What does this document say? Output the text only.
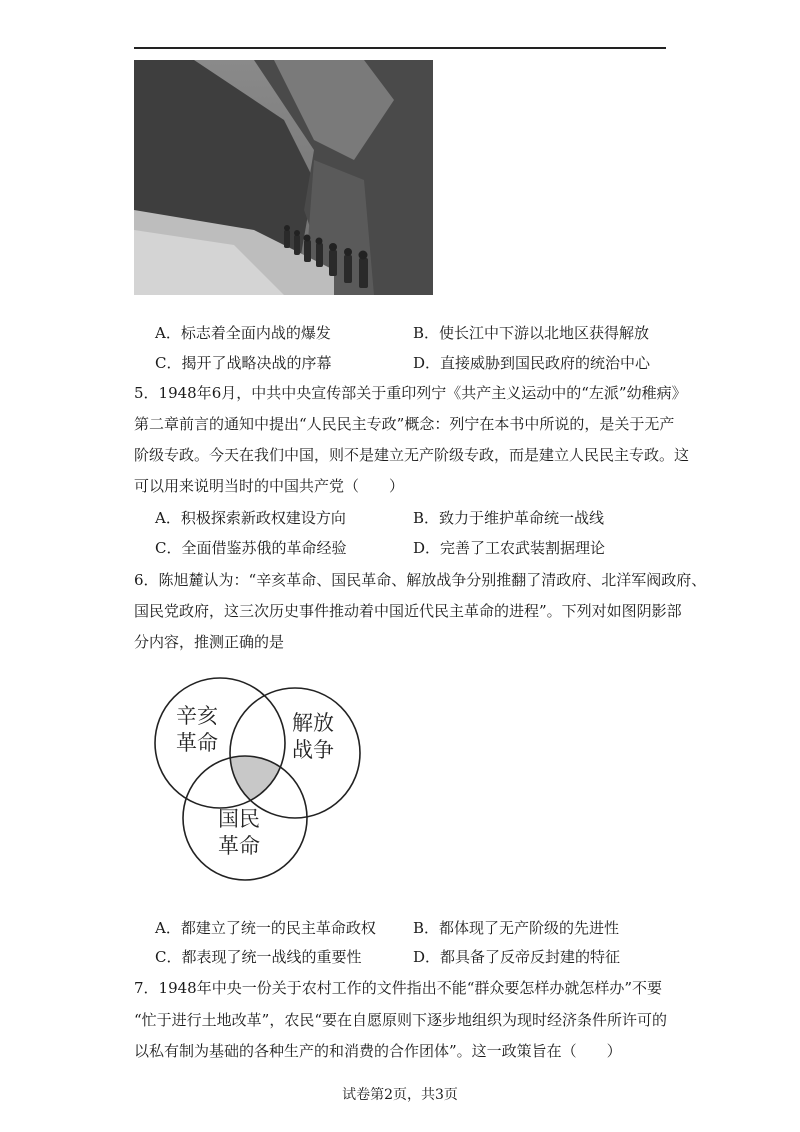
A．标志着全面内战的爆发	B．使长江中下游以北地区获得解放
C．揭开了战略决战的序幕	D．直接威胁到国民政府的统治中心
5．1948年6月，中共中央宣传部关于重印列宁《共产主义运动中的“左派”幼稚病》
第二章前言的通知中提出“人民民主专政”概念：列宁在本书中所说的，是关于无产
阶级专政。今天在我们中国，则不是建立无产阶级专政，而是建立人民民主专政。这
可以用来说明当时的中国共产党（　　）
A．积极探索新政权建设方向	B．致力于维护革命统一战线
C．全面借鉴苏俄的革命经验	D．完善了工农武装割据理论
6．陈旭麓认为：“辛亥革命、国民革命、解放战争分别推翻了清政府、北洋军阀政府、
国民党政府，这三次历史事件推动着中国近代民主革命的进程”。下列对如图阴影部
分内容，推测正确的是
辛亥
革命
解放
战争
国民
革命
A．都建立了统一的民主革命政权 B．都体现了无产阶级的先进性
C．都表现了统一战线的重要性	D．都具备了反帝反封建的特征
7．1948年中央一份关于农村工作的文件指出不能“群众要怎样办就怎样办”不要
“忙于进行土地改革”，农民“要在自愿原则下逐步地组织为现时经济条件所许可的
以私有制为基础的各种生产的和消费的合作团体”。这一政策旨在（　　）
试卷第2页，共3页
